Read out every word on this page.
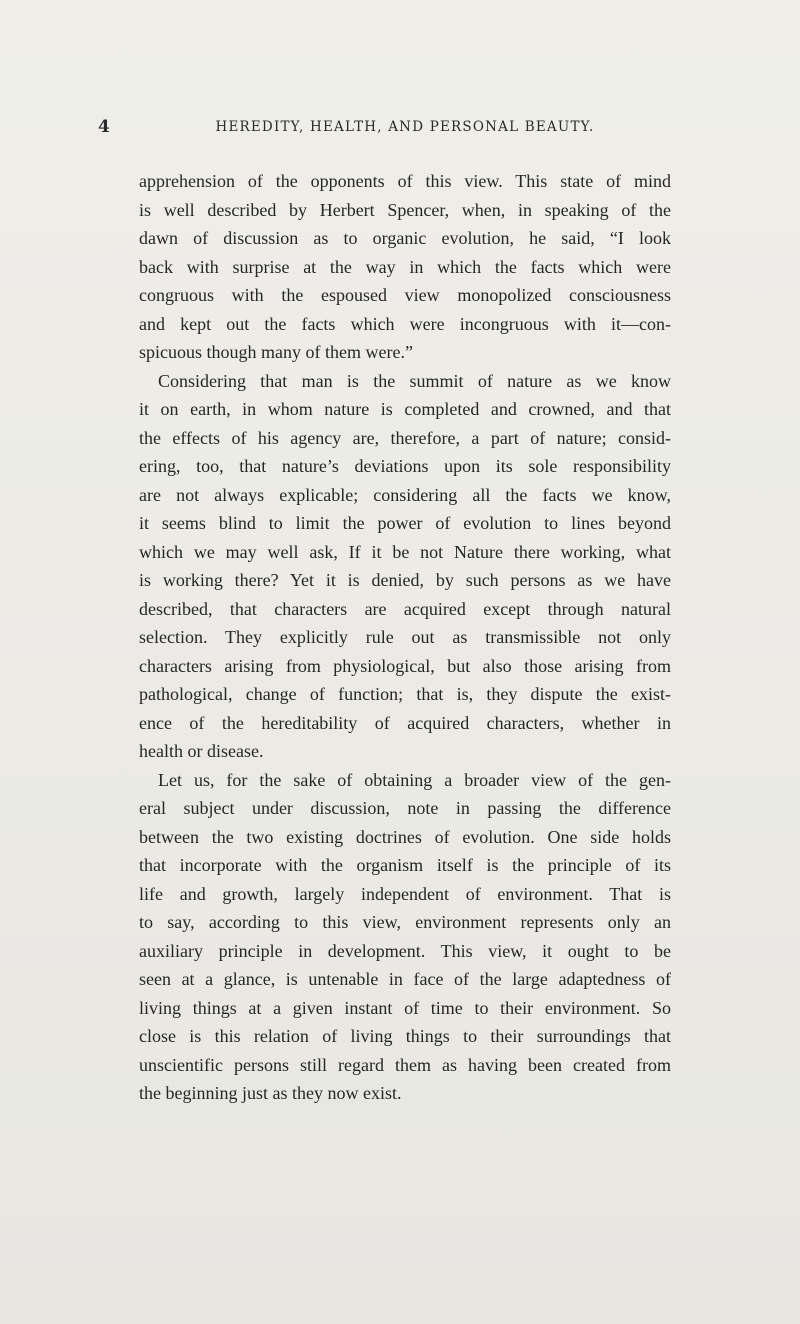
4	HEREDITY, HEALTH, AND PERSONAL BEAUTY.
apprehension of the opponents of this view. This state of mind
is well described by Herbert Spencer, when, in speaking of the
dawn of discussion as to organic evolution, he said, “I look
back with surprise at the way in which the facts which were
congruous with the espoused view monopolized consciousness
and kept out the facts which were incongruous with it—con-
spicuous though many of them were.”
Considering that man is the summit of nature as we know
it on earth, in whom nature is completed and crowned, and that
the effects of his agency are, therefore, a part of nature; consid-
ering, too, that nature’s deviations upon its sole responsibility
are not always explicable; considering all the facts we know,
it seems blind to limit the power of evolution to lines beyond
which we may well ask, If it be not Nature there working, what
is working there? Yet it is denied, by such persons as we have
described, that characters are acquired except through natural
selection. They explicitly rule out as transmissible not only
characters arising from physiological, but also those arising from
pathological, change of function; that is, they dispute the exist-
ence of the hereditability of acquired characters, whether in
health or disease.
Let us, for the sake of obtaining a broader view of the gen-
eral subject under discussion, note in passing the difference
between the two existing doctrines of evolution. One side holds
that incorporate with the organism itself is the principle of its
life and growth, largely independent of environment. That is
to say, according to this view, environment represents only an
auxiliary principle in development. This view, it ought to be
seen at a glance, is untenable in face of the large adaptedness of
living things at a given instant of time to their environment. So
close is this relation of living things to their surroundings that
unscientific persons still regard them as having been created from
the beginning just as they now exist.
